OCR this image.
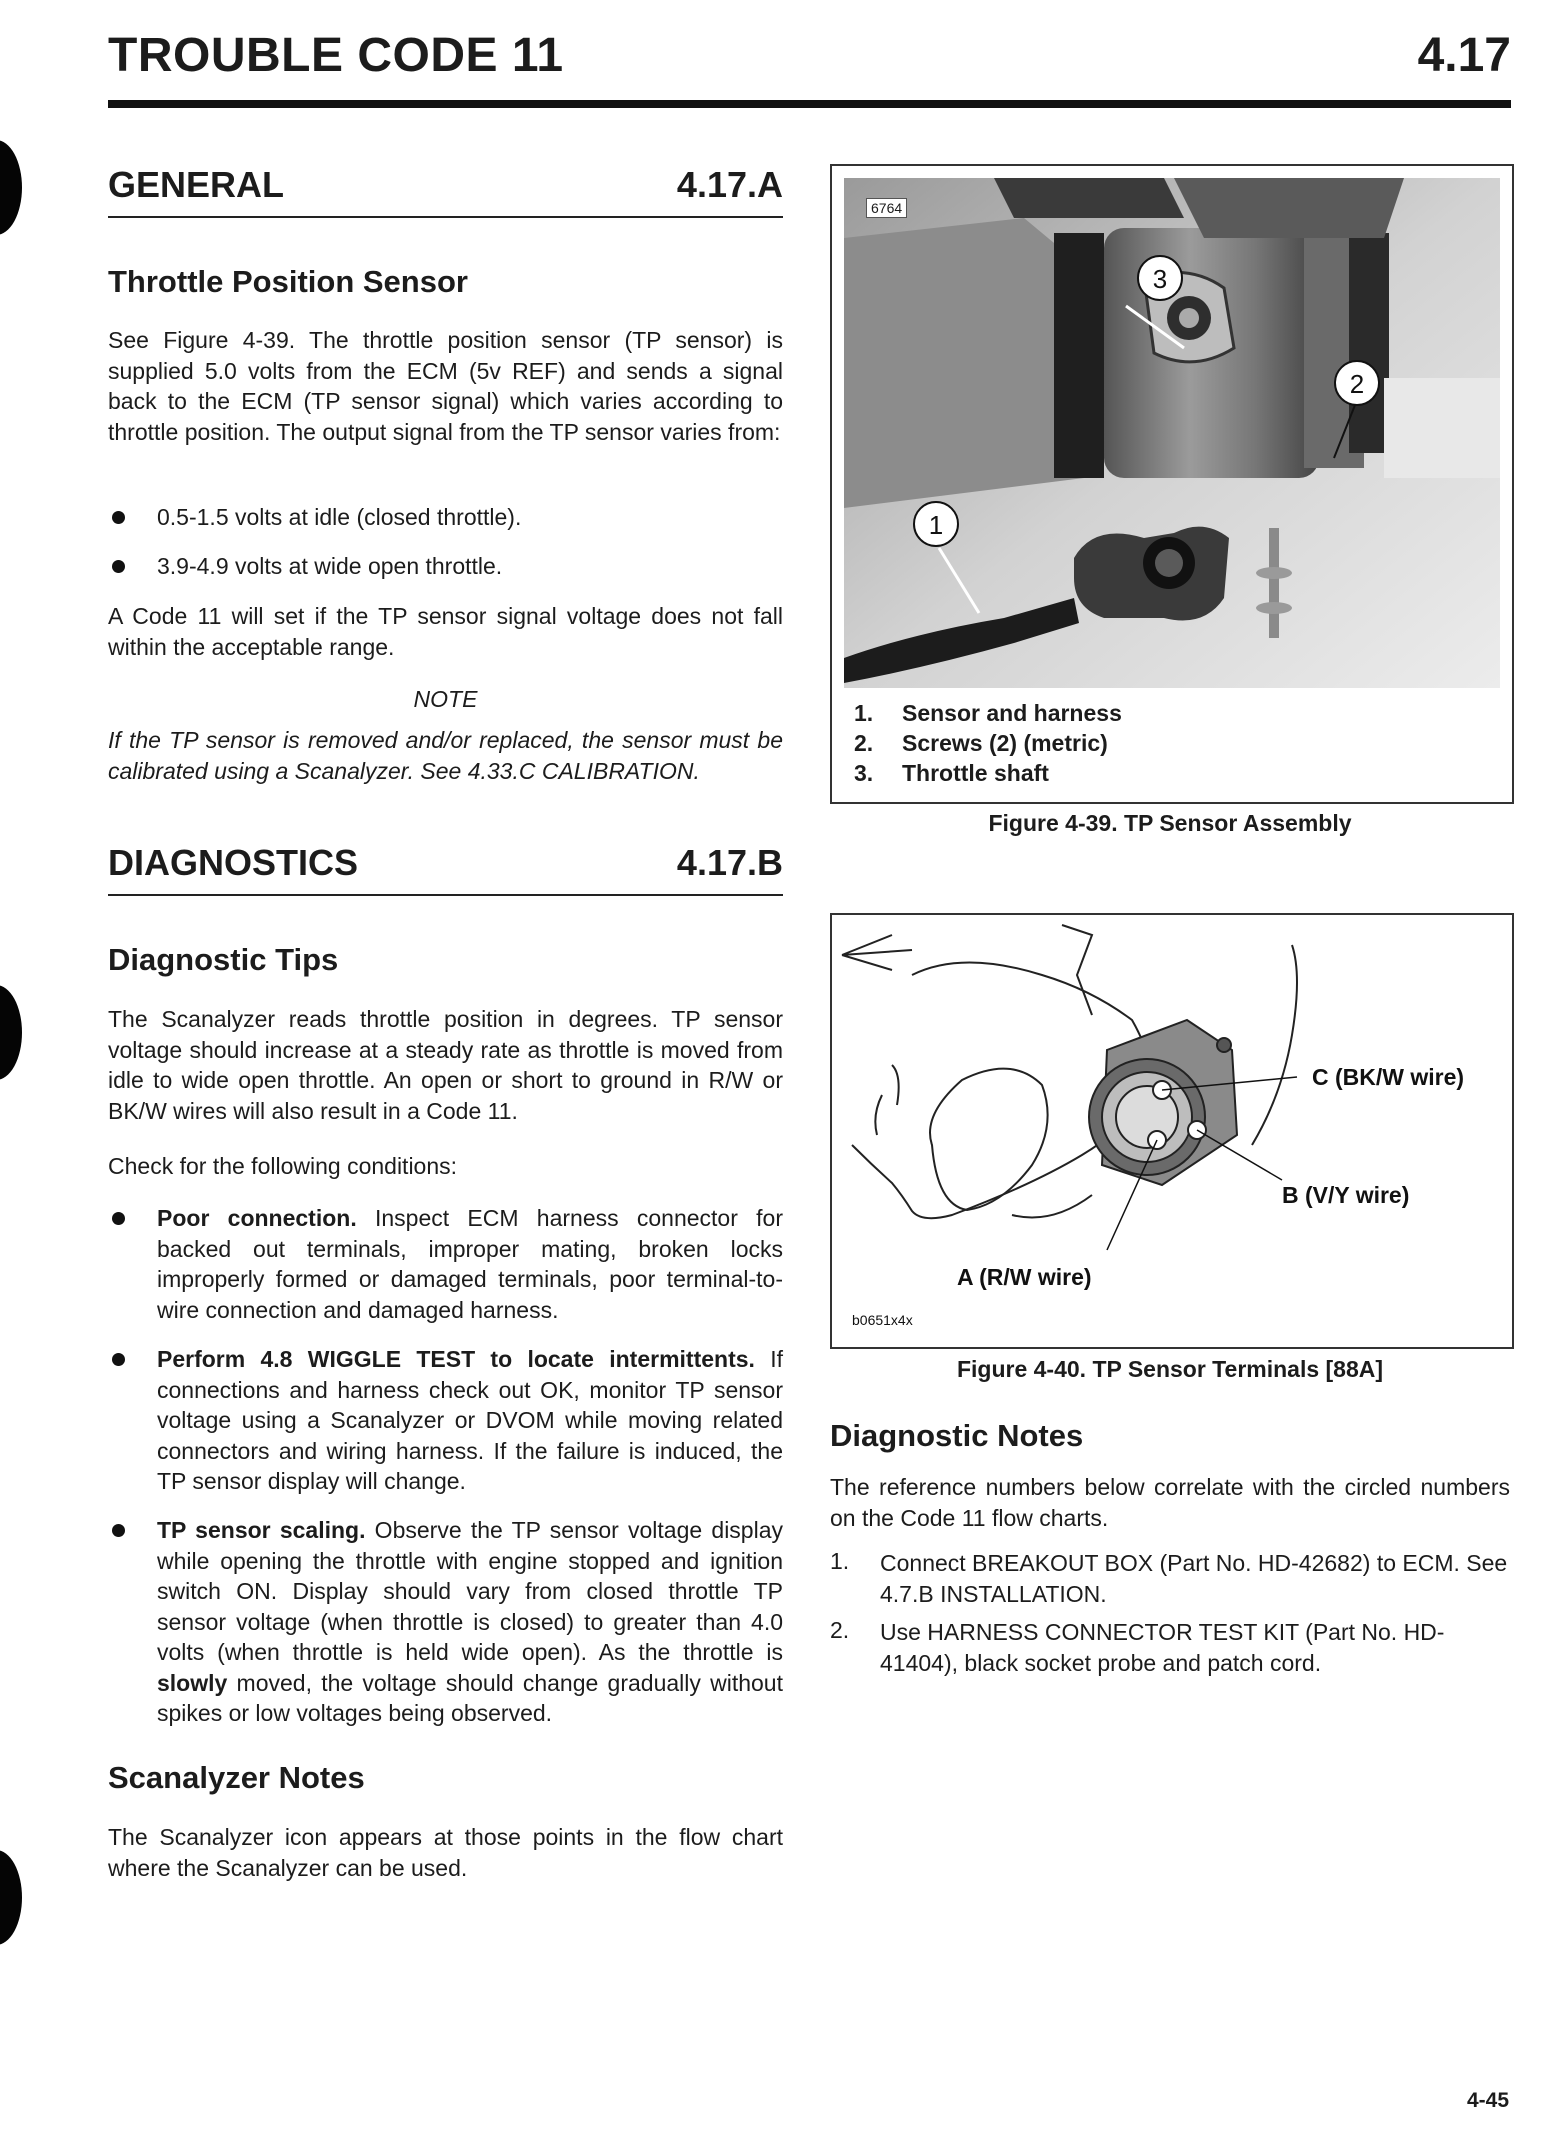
TROUBLE CODE 11	4.17
GENERAL	4.17.A
Throttle Position Sensor
See Figure 4-39. The throttle position sensor (TP sensor) is supplied 5.0 volts from the ECM (5v REF) and sends a signal back to the ECM (TP sensor signal) which varies according to throttle position. The output signal from the TP sensor varies from:
0.5-1.5 volts at idle (closed throttle).
3.9-4.9 volts at wide open throttle.
A Code 11 will set if the TP sensor signal voltage does not fall within the acceptable range.
NOTE
If the TP sensor is removed and/or replaced, the sensor must be calibrated using a Scanalyzer. See 4.33.C CALIBRATION.
DIAGNOSTICS	4.17.B
Diagnostic Tips
The Scanalyzer reads throttle position in degrees. TP sensor voltage should increase at a steady rate as throttle is moved from idle to wide open throttle. An open or short to ground in R/W or BK/W wires will also result in a Code 11.
Check for the following conditions:
Poor connection. Inspect ECM harness connector for backed out terminals, improper mating, broken locks improperly formed or damaged terminals, poor terminal-to-wire connection and damaged harness.
Perform 4.8 WIGGLE TEST to locate intermittents. If connections and harness check out OK, monitor TP sensor voltage using a Scanalyzer or DVOM while moving related connectors and wiring harness. If the failure is induced, the TP sensor display will change.
TP sensor scaling. Observe the TP sensor voltage display while opening the throttle with engine stopped and ignition switch ON. Display should vary from closed throttle TP sensor voltage (when throttle is closed) to greater than 4.0 volts (when throttle is held wide open). As the throttle is slowly moved, the voltage should change gradually without spikes or low voltages being observed.
Scanalyzer Notes
The Scanalyzer icon appears at those points in the flow chart where the Scanalyzer can be used.
3
2
1
6764
1. Sensor and harness
2. Screws (2) (metric)
3. Throttle shaft
Figure 4-39. TP Sensor Assembly
C (BK/W wire)
B (V/Y wire)
A (R/W wire)
b0651x4x
Figure 4-40. TP Sensor Terminals [88A]
Diagnostic Notes
The reference numbers below correlate with the circled numbers on the Code 11 flow charts.
1. Connect BREAKOUT BOX (Part No. HD-42682) to ECM. See 4.7.B INSTALLATION.
2. Use HARNESS CONNECTOR TEST KIT (Part No. HD-41404), black socket probe and patch cord.
4-45
